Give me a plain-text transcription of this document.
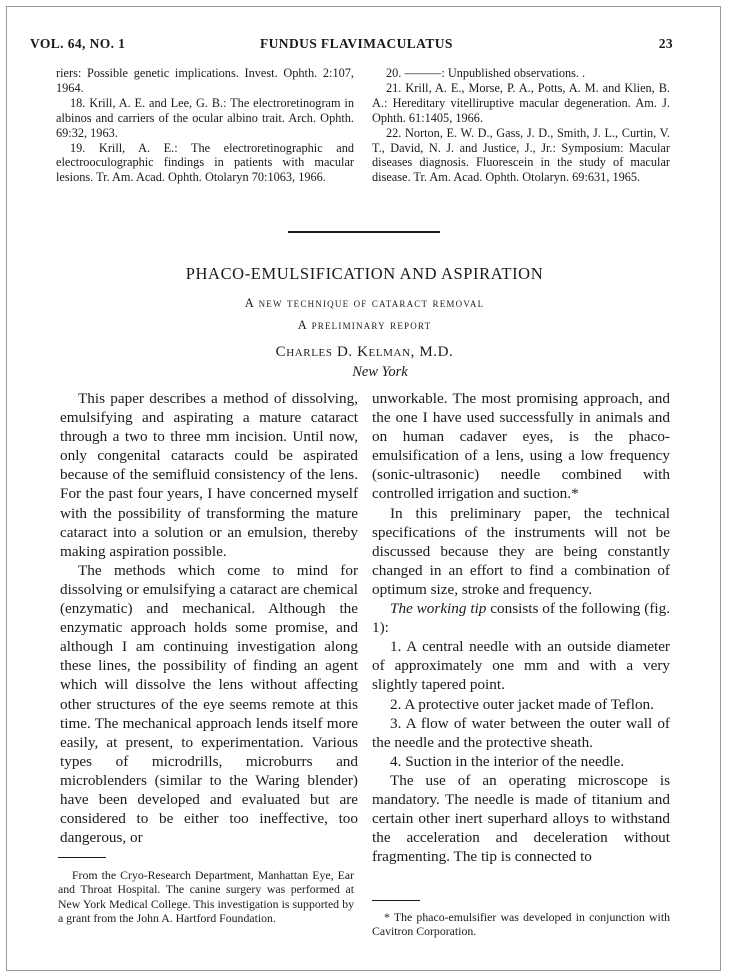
VOL. 64, NO. 1	FUNDUS FLAVIMACULATUS	23

riers: Possible genetic implications. Invest. Ophth. 2:107, 1964.

18. Krill, A. E. and Lee, G. B.: The electroretinogram in albinos and carriers of the ocular albino trait. Arch. Ophth. 69:32, 1963.

19. Krill, A. E.: The electroretinographic and electrooculographic findings in patients with macular lesions. Tr. Am. Acad. Ophth. Otolaryn 70:1063, 1966.

20. ———: Unpublished observations. .

21. Krill, A. E., Morse, P. A., Potts, A. M. and Klien, B. A.: Hereditary vitelliruptive macular degeneration. Am. J. Ophth. 61:1405, 1966.

22. Norton, E. W. D., Gass, J. D., Smith, J. L., Curtin, V. T., David, N. J. and Justice, J., Jr.: Symposium: Macular diseases diagnosis. Fluorescein in the study of macular disease. Tr. Am. Acad. Ophth. Otolaryn. 69:631, 1965.

PHACO-EMULSIFICATION AND ASPIRATION
A new technique of cataract removal
A preliminary report
Charles D. Kelman, M.D.
New York

This paper describes a method of dissolving, emulsifying and aspirating a mature cataract through a two to three mm incision. Until now, only congenital cataracts could be aspirated because of the semifluid consistency of the lens. For the past four years, I have concerned myself with the possibility of transforming the mature cataract into a solution or an emulsion, thereby making aspiration possible.

The methods which come to mind for dissolving or emulsifying a cataract are chemical (enzymatic) and mechanical. Although the enzymatic approach holds some promise, and although I am continuing investigation along these lines, the possibility of finding an agent which will dissolve the lens without affecting other structures of the eye seems remote at this time. The mechanical approach lends itself more easily, at present, to experimentation. Various types of microdrills, microburrs and microblenders (similar to the Waring blender) have been developed and evaluated but are considered to be either too ineffective, too dangerous, or

unworkable. The most promising approach, and the one I have used successfully in animals and on human cadaver eyes, is the phaco-emulsification of a lens, using a low frequency (sonic-ultrasonic) needle combined with controlled irrigation and suction.*

In this preliminary paper, the technical specifications of the instruments will not be discussed because they are being constantly changed in an effort to find a combination of optimum size, stroke and frequency.

The working tip consists of the following (fig. 1):

1. A central needle with an outside diameter of approximately one mm and with a very slightly tapered point.

2. A protective outer jacket made of Teflon.

3. A flow of water between the outer wall of the needle and the protective sheath.

4. Suction in the interior of the needle.

The use of an operating microscope is mandatory. The needle is made of titanium and certain other inert superhard alloys to withstand the acceleration and deceleration without fragmenting. The tip is connected to

From the Cryo-Research Department, Manhattan Eye, Ear and Throat Hospital. The canine surgery was performed at New York Medical College. This investigation is supported by a grant from the John A. Hartford Foundation.	* The phaco-emulsifier was developed in conjunction with Cavitron Corporation.
